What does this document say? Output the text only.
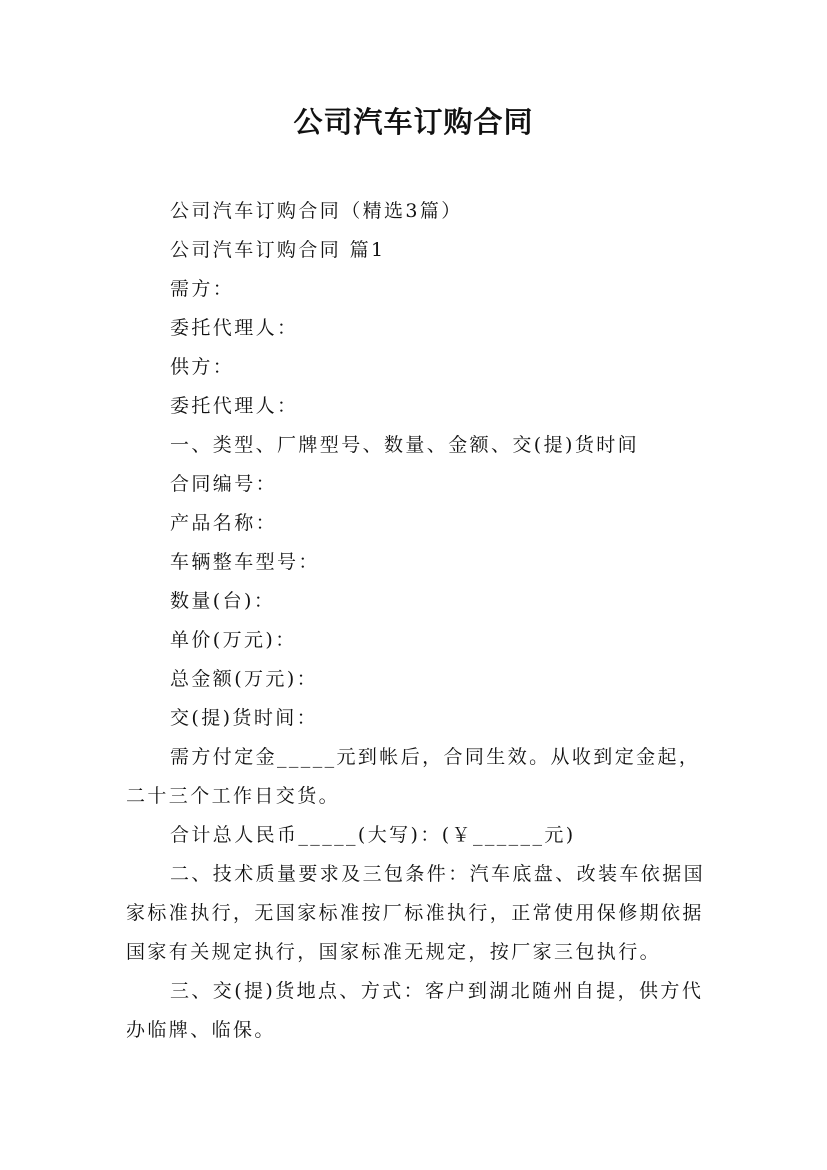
公司汽车订购合同

公司汽车订购合同（精选3篇）

公司汽车订购合同 篇1

需方：

委托代理人：

供方：

委托代理人：

一、类型、厂牌型号、数量、金额、交(提)货时间

合同编号：

产品名称：

车辆整车型号：

数量(台)：

单价(万元)：

总金额(万元)：

交(提)货时间：

需方付定金_____元到帐后，合同生效。从收到定金起，二十三个工作日交货。

合计总人民币_____(大写)：(￥______元)

二、技术质量要求及三包条件：汽车底盘、改装车依据国家标准执行，无国家标准按厂标准执行，正常使用保修期依据国家有关规定执行，国家标准无规定，按厂家三包执行。

三、交(提)货地点、方式：客户到湖北随州自提，供方代办临牌、临保。
